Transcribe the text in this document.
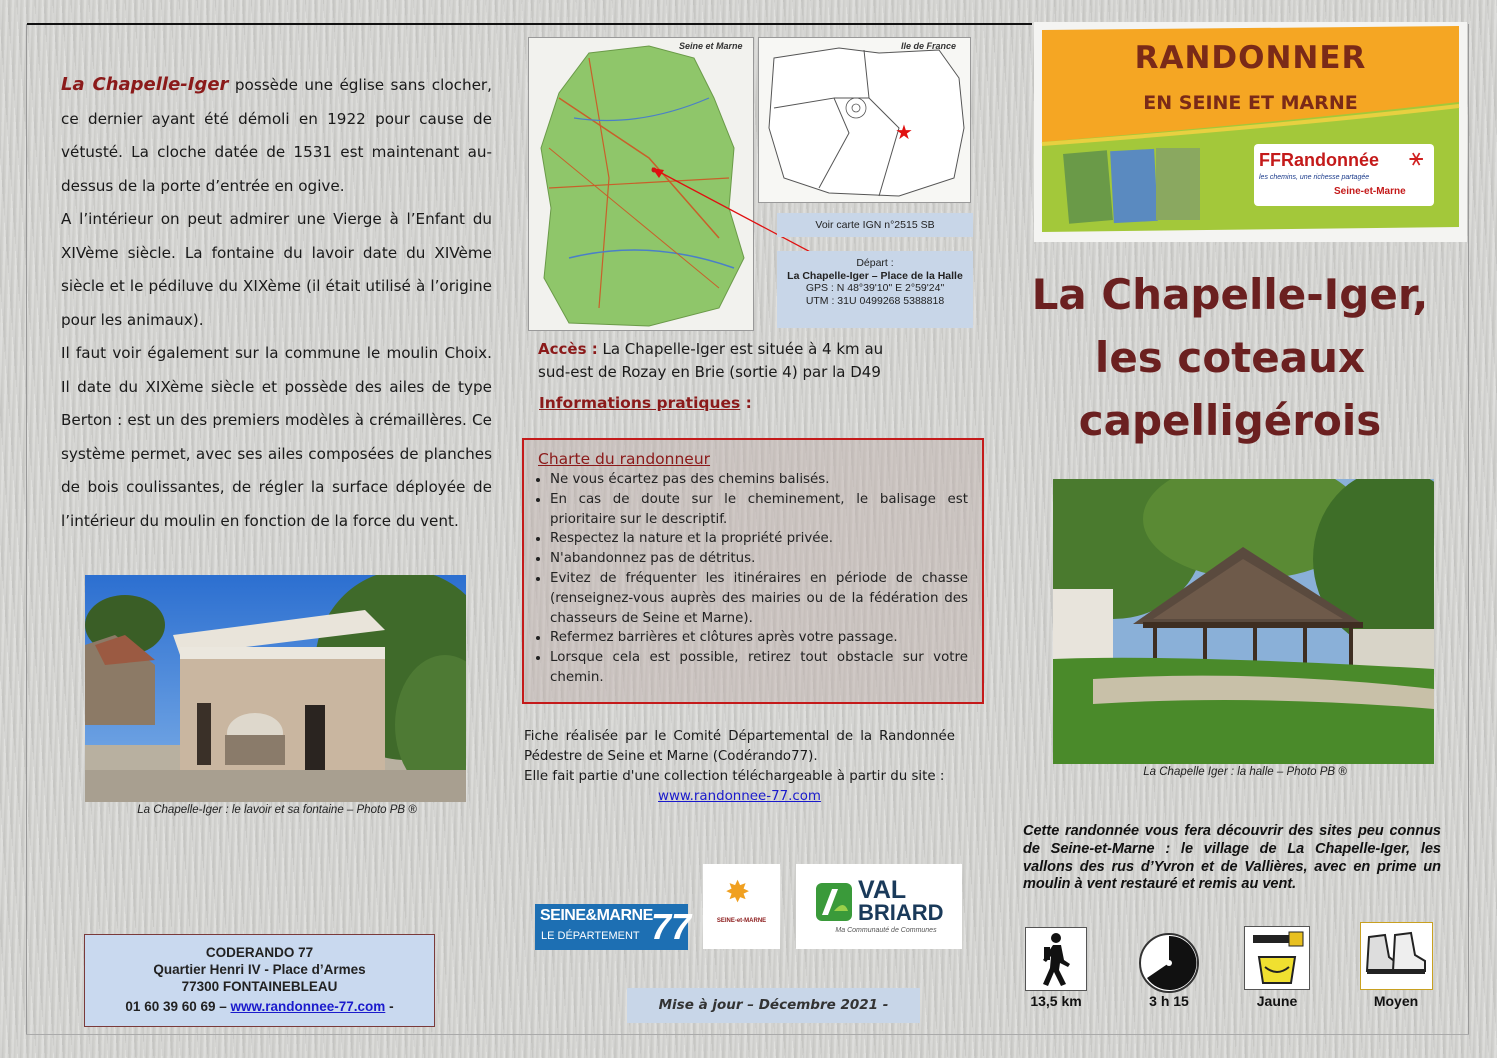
La Chapelle-Iger possède une église sans clocher, ce dernier ayant été démoli en 1922 pour cause de vétusté. La cloche datée de 1531 est maintenant au-dessus de la porte d’entrée en ogive.

A l’intérieur on peut admirer une Vierge à l’Enfant du XIVème siècle. La fontaine du lavoir date du XIVème siècle et le pédiluve du XIXème (il était utilisé à l’origine pour les animaux).

Il faut voir également sur la commune le moulin Choix. Il date du XIXème siècle et possède des ailes de type Berton : est un des premiers modèles à crémaillères. Ce système permet, avec ses ailes composées de planches de bois coulissantes, de régler la surface déployée de l’intérieur du moulin en fonction de la force du vent.

La Chapelle-Iger : le lavoir et sa fontaine – Photo PB ®
CODERANDO 77
Quartier Henri IV - Place d’Armes
77300 FONTAINEBLEAU
01 60 39 60 69 – www.randonnee-77.com -
Seine et Marne
★
Ile de France
Voir carte IGN n°2515 SB
Départ :
La Chapelle-Iger – Place de la Halle
GPS : N 48°39'10" E 2°59'24"
UTM : 31U 0499268 5388818
Accès : La Chapelle-Iger est située à 4 km au sud-est de Rozay en Brie (sortie 4) par la D49
Informations pratiques :
Charte du randonneur
• Ne vous écartez pas des chemins balisés.
• En cas de doute sur le cheminement, le balisage est prioritaire sur le descriptif.
• Respectez la nature et la propriété privée.
• N'abandonnez pas de détritus.
• Evitez de fréquenter les itinéraires en période de chasse (renseignez-vous auprès des mairies ou de la fédération des chasseurs de Seine et Marne).
• Refermez barrières et clôtures après votre passage.
• Lorsque cela est possible, retirez tout obstacle sur votre chemin.
Fiche réalisée par le Comité Départemental de la Randonnée Pédestre de Seine et Marne (Codérando77).
Elle fait partie d'une collection téléchargeable à partir du site :
www.randonnee-77.com
SEINE&MARNE
LE DÉPARTEMENT 77
✸
SEINE-et-MARNE
VAL
BRIARD
Ma Communauté de Communes
Mise à jour – Décembre 2021 -
RANDONNER
EN SEINE ET MARNE
FFRandonnée ⚹
les chemins, une richesse partagée
Seine-et-Marne
La Chapelle-Iger,
les coteaux
capelligérois
La Chapelle Iger : la halle – Photo PB ®
Cette randonnée vous fera découvrir des sites peu connus de Seine-et-Marne : le village de La Chapelle-Iger, les vallons des rus d’Yvron et de Vallières, avec en prime un moulin à vent restauré et remis au vent.
13,5 km	3 h 15	Jaune	Moyen
